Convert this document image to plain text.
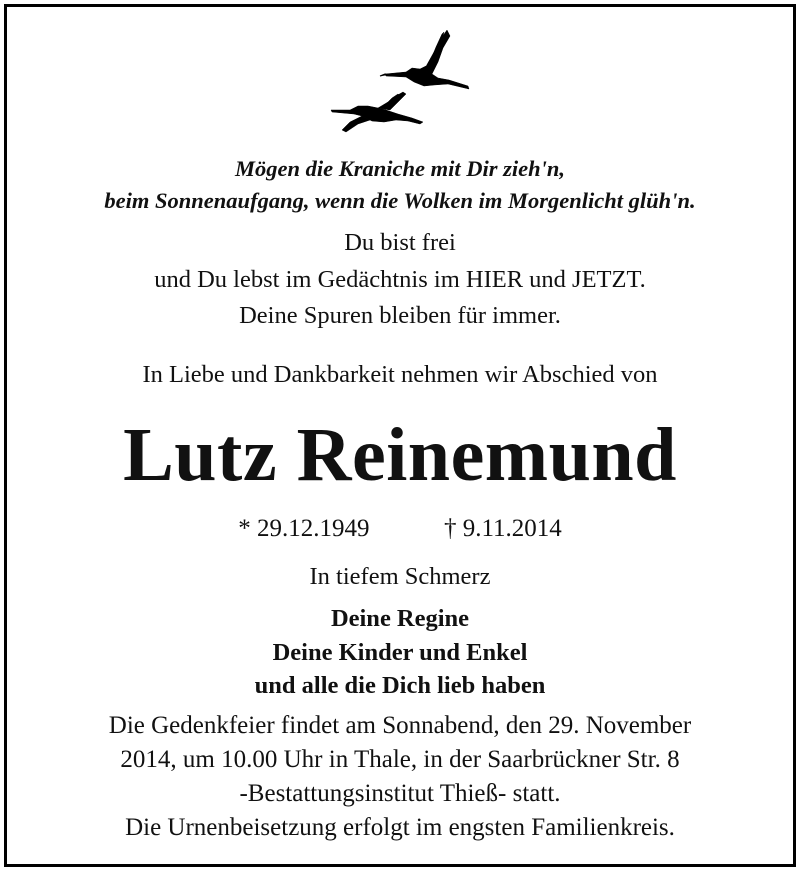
Mögen die Kraniche mit Dir zieh'n,
beim Sonnenaufgang, wenn die Wolken im Morgenlicht glüh'n.
Du bist frei
und Du lebst im Gedächtnis im HIER und JETZT.
Deine Spuren bleiben für immer.
In Liebe und Dankbarkeit nehmen wir Abschied von
Lutz Reinemund
* 29.12.1949	† 9.11.2014
In tiefem Schmerz
Deine Regine
Deine Kinder und Enkel
und alle die Dich lieb haben
Die Gedenkfeier findet am Sonnabend, den 29. November
2014, um 10.00 Uhr in Thale, in der Saarbrückner Str. 8
-Bestattungsinstitut Thieß- statt.
Die Urnenbeisetzung erfolgt im engsten Familienkreis.
